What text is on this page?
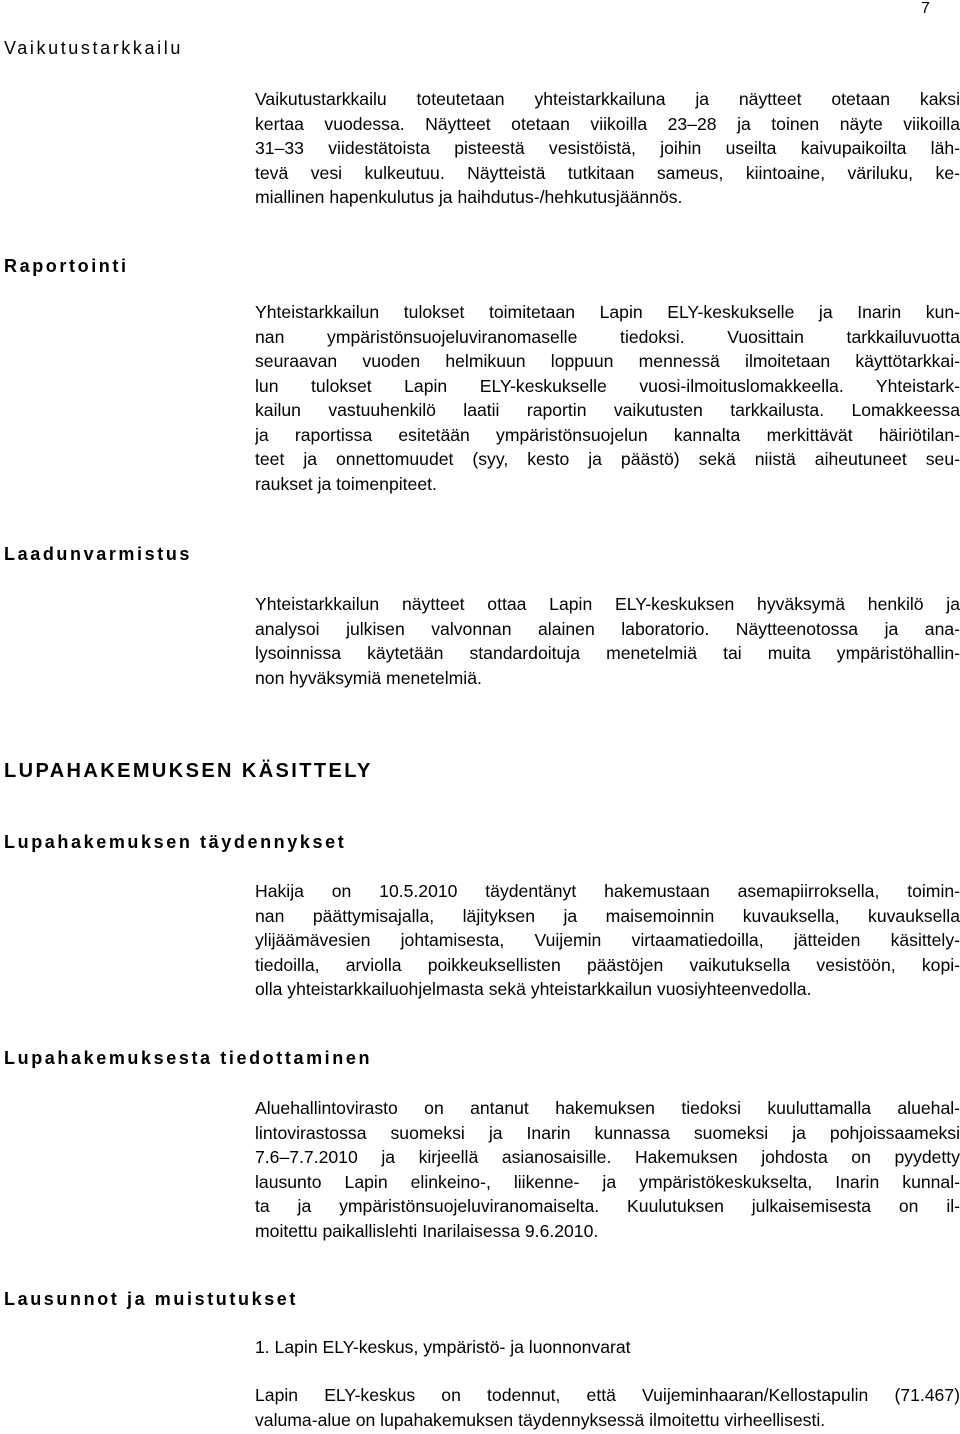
7
Vaikutustarkkailu
Vaikutustarkkailu toteutetaan yhteistarkkailuna ja näytteet otetaan kaksi
kertaa vuodessa. Näytteet otetaan viikoilla 23–28 ja toinen näyte viikoilla
31–33 viidestätoista pisteestä vesistöistä, joihin useilta kaivupaikoilta läh-
tevä vesi kulkeutuu. Näytteistä tutkitaan sameus, kiintoaine, väriluku, ke-
miallinen hapenkulutus ja haihdutus-/hehkutusjäännös.
Raportointi
Yhteistarkkailun tulokset toimitetaan Lapin ELY-keskukselle ja Inarin kun-
nan ympäristönsuojeluviranomaselle tiedoksi. Vuosittain tarkkailuvuotta
seuraavan vuoden helmikuun loppuun mennessä ilmoitetaan käyttötarkkai-
lun tulokset Lapin ELY-keskukselle vuosi-ilmoituslomakkeella. Yhteistark-
kailun vastuuhenkilö laatii raportin vaikutusten tarkkailusta. Lomakkeessa
ja raportissa esitetään ympäristönsuojelun kannalta merkittävät häiriötilan-
teet ja onnettomuudet (syy, kesto ja päästö) sekä niistä aiheutuneet seu-
raukset ja toimenpiteet.
Laadunvarmistus
Yhteistarkkailun näytteet ottaa Lapin ELY-keskuksen hyväksymä henkilö ja
analysoi julkisen valvonnan alainen laboratorio. Näytteenotossa ja ana-
lysoinnissa käytetään standardoituja menetelmiä tai muita ympäristöhallin-
non hyväksymiä menetelmiä.
LUPAHAKEMUKSEN KÄSITTELY
Lupahakemuksen täydennykset
Hakija on 10.5.2010 täydentänyt hakemustaan asemapiirroksella, toimin-
nan päättymisajalla, läjityksen ja maisemoinnin kuvauksella, kuvauksella
ylijäämävesien johtamisesta, Vuijemin virtaamatiedoilla, jätteiden käsittely-
tiedoilla, arviolla poikkeuksellisten päästöjen vaikutuksella vesistöön, kopi-
olla yhteistarkkailuohjelmasta sekä yhteistarkkailun vuosiyhteenvedolla.
Lupahakemuksesta tiedottaminen
Aluehallintovirasto on antanut hakemuksen tiedoksi kuuluttamalla aluehal-
lintovirastossa suomeksi ja Inarin kunnassa suomeksi ja pohjoissaameksi
7.6–7.7.2010 ja kirjeellä asianosaisille. Hakemuksen johdosta on pyydetty
lausunto Lapin elinkeino-, liikenne- ja ympäristökeskukselta, Inarin kunnal-
ta ja ympäristönsuojeluviranomaiselta. Kuulutuksen julkaisemisesta on il-
moitettu paikallislehti Inarilaisessa 9.6.2010.
Lausunnot ja muistutukset
1. Lapin ELY-keskus, ympäristö- ja luonnonvarat
Lapin ELY-keskus on todennut, että Vuijeminhaaran/Kellostapulin (71.467)
valuma-alue on lupahakemuksen täydennyksessä ilmoitettu virheellisesti.
